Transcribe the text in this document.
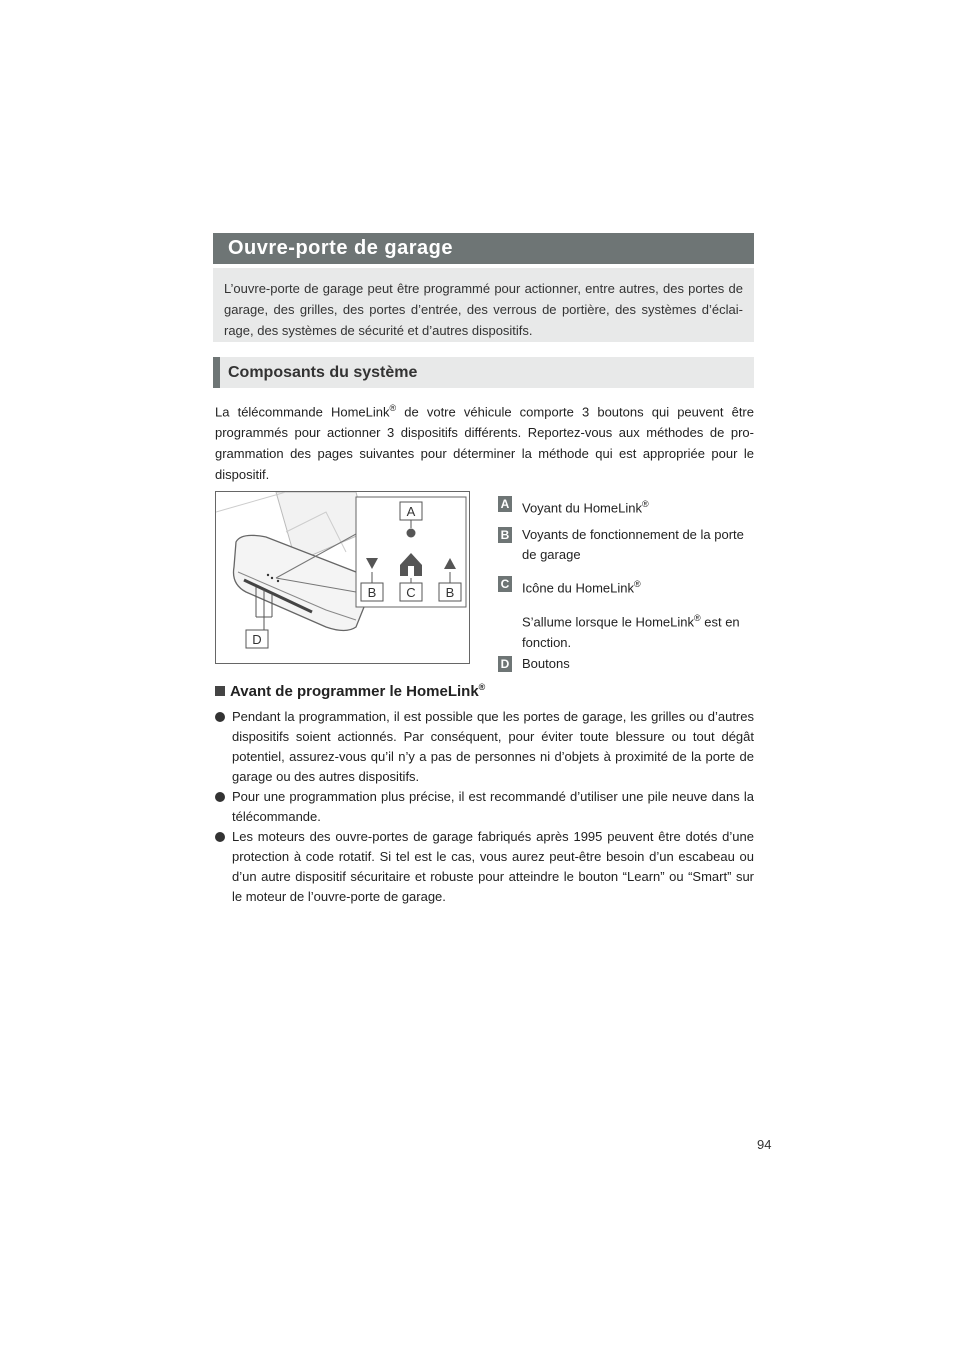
Ouvre-porte de garage
L’ouvre-porte de garage peut être programmé pour actionner, entre autres, des portes de garage, des grilles, des portes d’entrée, des verrous de portière, des systèmes d’éclai-rage, des systèmes de sécurité et d’autres dispositifs.
Composants du système
La télécommande HomeLink® de votre véhicule comporte 3 boutons qui peuvent être programmés pour actionner 3 dispositifs différents. Reportez-vous aux méthodes de pro-grammation des pages suivantes pour déterminer la méthode qui est appropriée pour le dispositif.
A
B C B
D
A Voyant du HomeLink®
B Voyants de fonctionnement de la porte de garage
C Icône du HomeLink®
S’allume lorsque le HomeLink® est en fonction.
D Boutons
Avant de programmer le HomeLink®
Pendant la programmation, il est possible que les portes de garage, les grilles ou d’autres dispositifs soient actionnés. Par conséquent, pour éviter toute blessure ou tout dégât potentiel, assurez-vous qu’il n’y a pas de personnes ni d’objets à proximité de la porte de garage ou des autres dispositifs.
Pour une programmation plus précise, il est recommandé d’utiliser une pile neuve dans la télécommande.
Les moteurs des ouvre-portes de garage fabriqués après 1995 peuvent être dotés d’une protection à code rotatif. Si tel est le cas, vous aurez peut-être besoin d’un escabeau ou d’un autre dispositif sécuritaire et robuste pour atteindre le bouton “Learn” ou “Smart” sur le moteur de l’ouvre-porte de garage.
94
